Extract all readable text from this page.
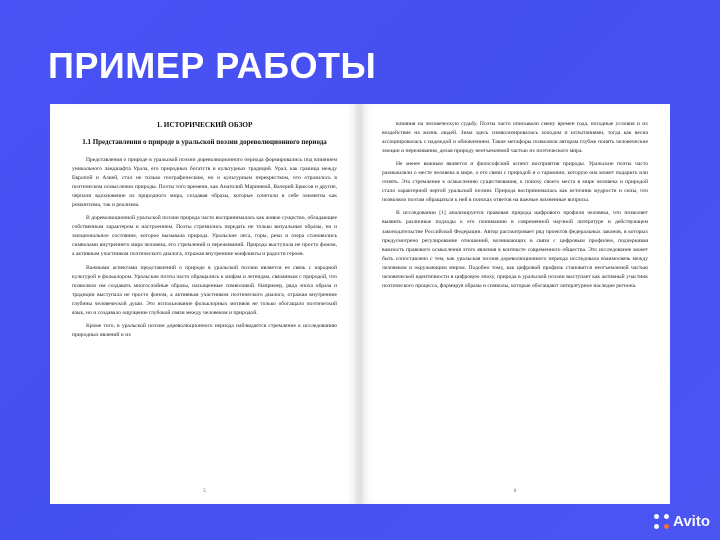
ПРИМЕР РАБОТЫ
1. ИСТОРИЧЕСКИЙ ОБЗОР
1.1 Представления о природе в уральской поэзии дореволюционного периода

Представления о природе в уральской поэзии дореволюционного периода формировались под влиянием уникального ландшафта Урала, его природных богатств и культурных традиций. Урал, как граница между Европой и Азией, стал не только географическим, но и культурным перекрестком, что отразилось в поэтическом осмыслении природы. Поэты того времени, как Анатолий Маринеюй, Валерий Брюсов и другие, черпали вдохновение из природного мира, создавая образы, которые сочетали в себе элементы как романтизма, так и реализма.

В дореволюционной уральской поэзии природа часто воспринималась как живое существо, обладающее собственным характером и настроением. Поэты стремились передать не только визуальные образы, но и эмоциональное состояние, которое вызывала природа. Уральские леса, горы, реки и озера становились символами внутреннего мира человека, его стремлений и переживаний. Природа выступала не просто фоном, а активным участником поэтического диалога, отражая внутренние конфликты и радости героев.

Важными аспектами представлений о природе в уральской поэзии является ее связь с народной культурой и фольклором. Уральские поэты часто обращались к мифам и легендам, связанным с природой, что позволяло им создавать многослойные образы, насыщенные символикой. Например, ряда эпоха образа и традиции выступала не просто фоном, а активным участником поэтического диалога, отражая внутренние глубины человеческой души. Это использование фольклорных мотивов не только обогащало поэтический язык, но и создавало ощущение глубокой связи между человеком и природой.

Кроме того, в уральской поэзии дореволюционного периода наблюдается стремление к исследованию природных явлений и их

5

влияния на человеческую судьбу. Поэты часто описывали смену времен года, погодные условия и их воздействие на жизнь людей. Зима здесь символизировалась холодом и испытаниями, тогда как весна ассоциировалась с надеждой и обновлением. Такие метафоры позволяли авторам глубже понять человеческие эмоции и переживания, делая природу неотъемлемой частью их поэтического мира.

Не менее важным является и философский аспект восприятия природы. Уральские поэты часто размышляли о месте человека в мире, о его связи с природой и о гармонии, которую она может подарить или отнять. Это стремление к осмыслению существования, к поиску своего места в мире человека и природой стало характерной чертой уральской поэзии. Природа воспринималась как источник мудрости и силы, что позволяло поэтам обращаться к ней в поисках ответов на важные жизненные вопросы.

В исследовании [1] анализируется правовая природа цифрового профиля человека, что позволяет выявить различные подходы к его пониманию в современной научной литературе и действующем законодательстве Российской Федерации. Автор рассматривает ряд проектов федеральных законов, в которых предусмотрено регулирование отношений, возникающих в связи с цифровым профилем, подчеркивая важность правового осмысления этого явления в контексте современного общества. Это исследование может быть сопоставлено с тем, как уральская поэзия дореволюционного периода исследовала взаимосвязь между человеком и окружающим миром. Подобно тому, как цифровой профиль становится неотъемлемой частью человеческой идентичности в цифровую эпоху, природа в уральской поэзии выступает как активный участник поэтического процесса, формируя образы и символы, которые обогащают литературное наследие региона.

6
Avito
